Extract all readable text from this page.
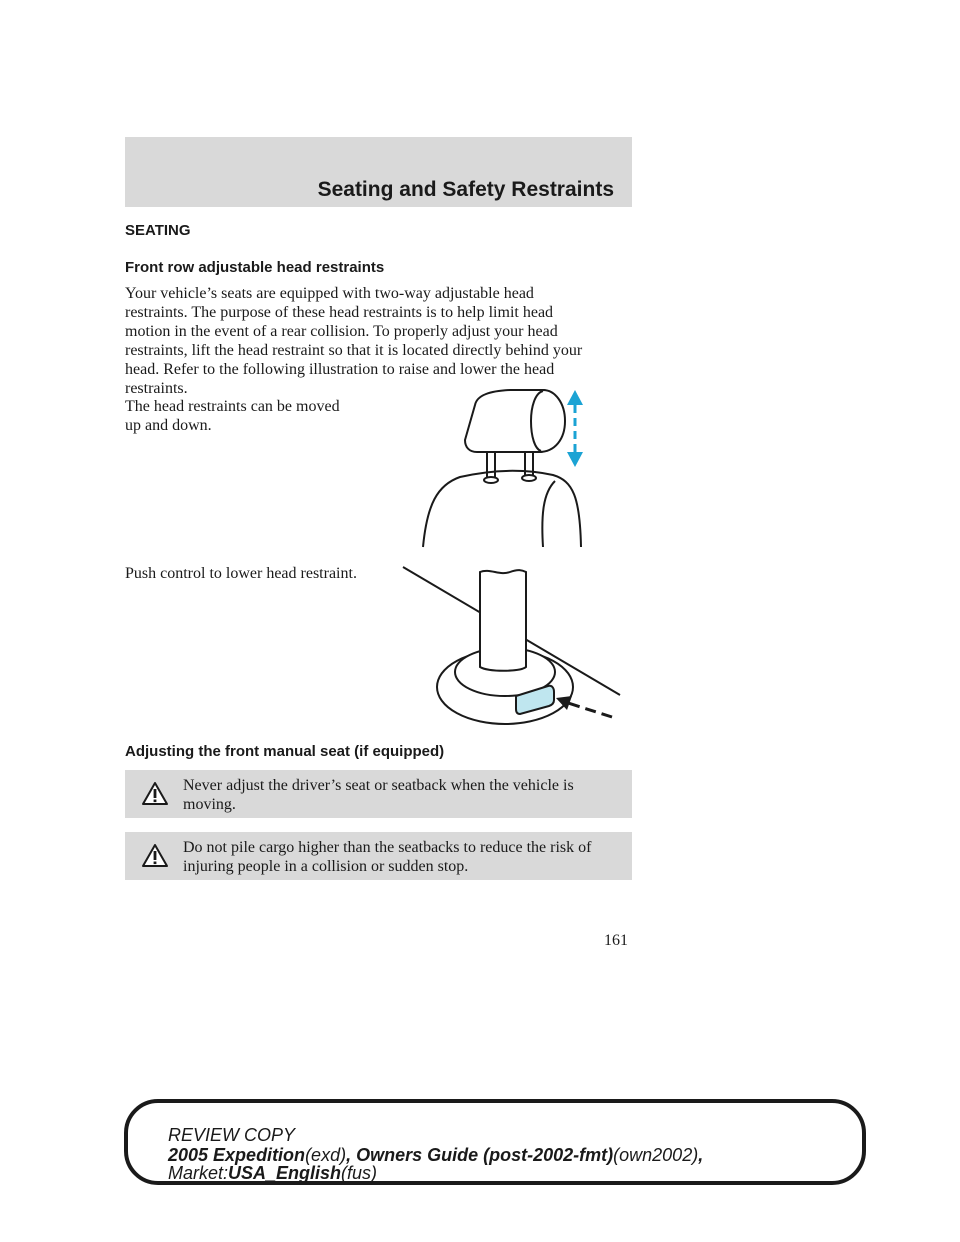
Seating and Safety Restraints
SEATING
Front row adjustable head restraints
Your vehicle’s seats are equipped with two-way adjustable head
restraints. The purpose of these head restraints is to help limit head
motion in the event of a rear collision. To properly adjust your head
restraints, lift the head restraint so that it is located directly behind your
head. Refer to the following illustration to raise and lower the head
restraints.
The head restraints can be moved
up and down.
Push control to lower head restraint.
Adjusting the front manual seat (if equipped)
Never adjust the driver’s seat or seatback when the vehicle is
moving.
Do not pile cargo higher than the seatbacks to reduce the risk of
injuring people in a collision or sudden stop.
161
REVIEW COPY
2005 Expedition(exd), Owners Guide (post-2002-fmt)(own2002),
Market:USA_English(fus)
